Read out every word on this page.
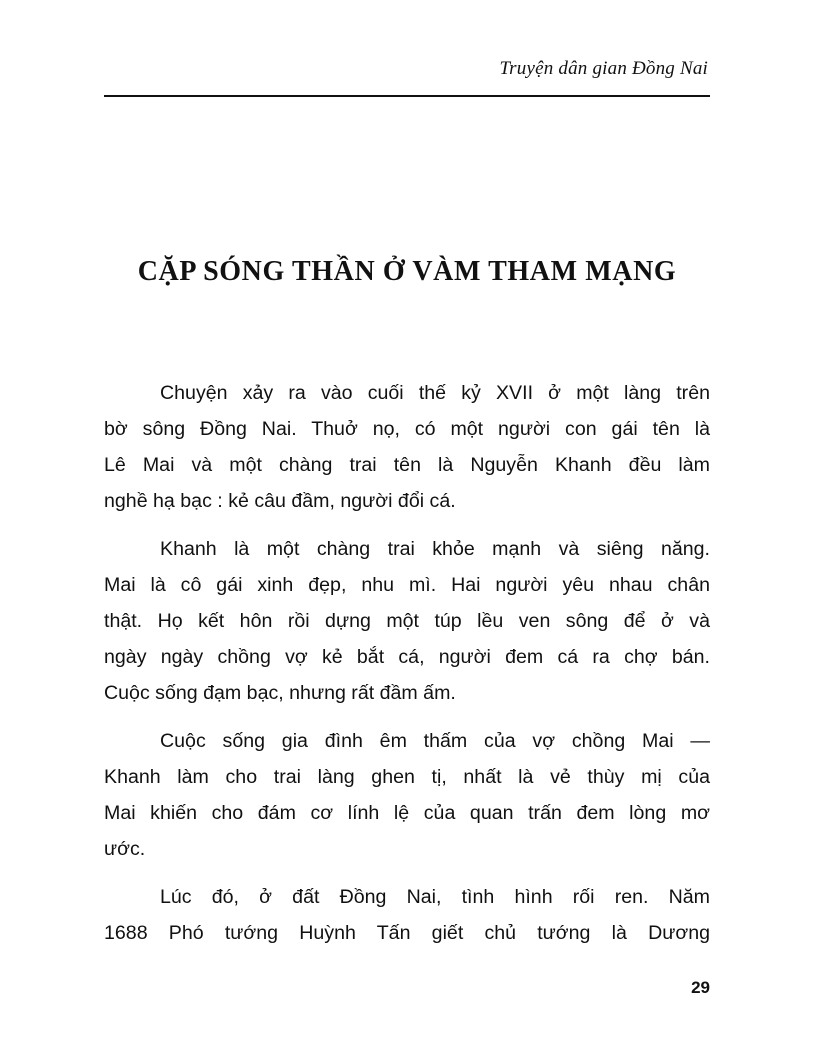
Truyện dân gian Đồng Nai
CẶP SÓNG THẦN Ở VÀM THAM MẠNG

Chuyện xảy ra vào cuối thế kỷ XVII ở một làng trên
bờ sông Đồng Nai. Thuở nọ, có một người con gái tên là
Lê Mai và một chàng trai tên là Nguyễn Khanh đều làm
nghề hạ bạc : kẻ câu đầm, người đổi cá.

Khanh là một chàng trai khỏe mạnh và siêng năng.
Mai là cô gái xinh đẹp, nhu mì. Hai người yêu nhau chân
thật. Họ kết hôn rồi dựng một túp lều ven sông để ở và
ngày ngày chồng vợ kẻ bắt cá, người đem cá ra chợ bán.
Cuộc sống đạm bạc, nhưng rất đầm ấm.

Cuộc sống gia đình êm thấm của vợ chồng Mai —
Khanh làm cho trai làng ghen tị, nhất là vẻ thùy mị của
Mai khiến cho đám cơ lính lệ của quan trấn đem lòng mơ
ước.

Lúc đó, ở đất Đồng Nai, tình hình rối ren. Năm
1688 Phó tướng Huỳnh Tấn giết chủ tướng là Dương

29
